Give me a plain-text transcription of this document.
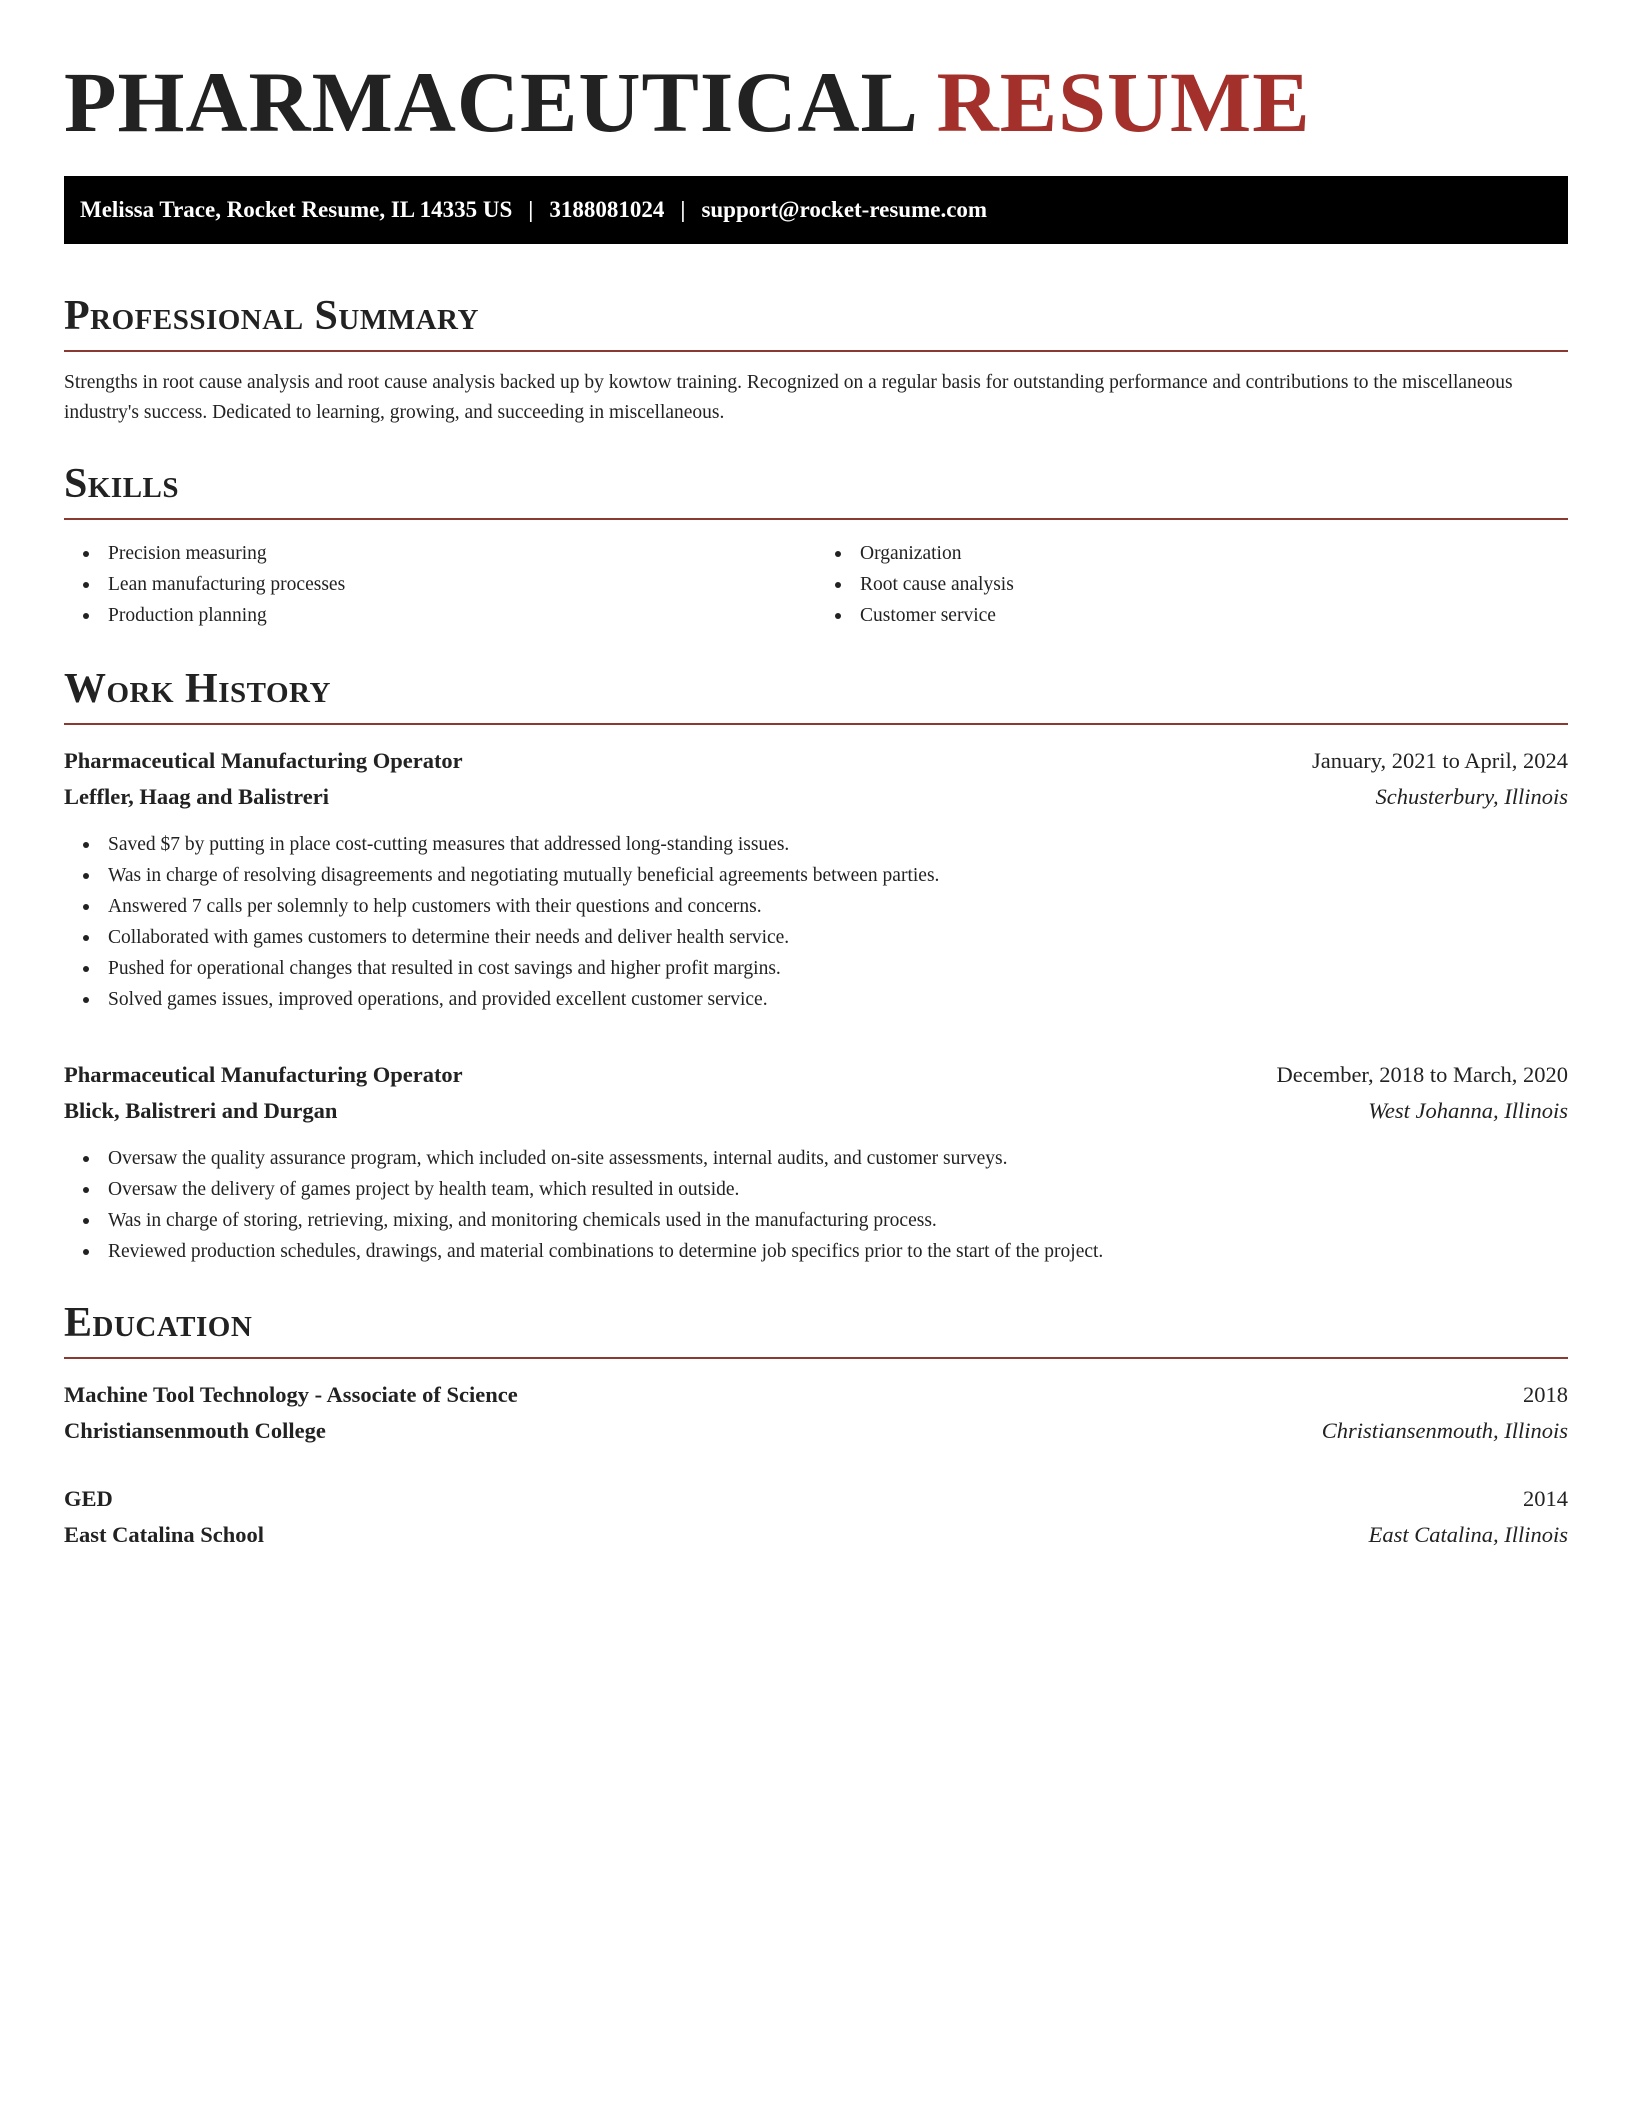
PHARMACEUTICAL RESUME
Melissa Trace, Rocket Resume, IL 14335 US | 3188081024 | support@rocket-resume.com
Professional Summary

Strengths in root cause analysis and root cause analysis backed up by kowtow training. Recognized on a regular basis for outstanding performance and contributions to the miscellaneous industry's success. Dedicated to learning, growing, and succeeding in miscellaneous.

Skills
Precision measuring
Lean manufacturing processes
Production planning
Organization
Root cause analysis
Customer service
Work History
Pharmaceutical Manufacturing Operator	January, 2021 to April, 2024
Leffler, Haag and Balistreri	Schusterbury, Illinois
Saved $7 by putting in place cost-cutting measures that addressed long-standing issues.
Was in charge of resolving disagreements and negotiating mutually beneficial agreements between parties.
Answered 7 calls per solemnly to help customers with their questions and concerns.
Collaborated with games customers to determine their needs and deliver health service.
Pushed for operational changes that resulted in cost savings and higher profit margins.
Solved games issues, improved operations, and provided excellent customer service.
Pharmaceutical Manufacturing Operator	December, 2018 to March, 2020
Blick, Balistreri and Durgan	West Johanna, Illinois
Oversaw the quality assurance program, which included on-site assessments, internal audits, and customer surveys.
Oversaw the delivery of games project by health team, which resulted in outside.
Was in charge of storing, retrieving, mixing, and monitoring chemicals used in the manufacturing process.
Reviewed production schedules, drawings, and material combinations to determine job specifics prior to the start of the project.
Education
Machine Tool Technology - Associate of Science	2018
Christiansenmouth College	Christiansenmouth, Illinois
GED	2014
East Catalina School	East Catalina, Illinois
